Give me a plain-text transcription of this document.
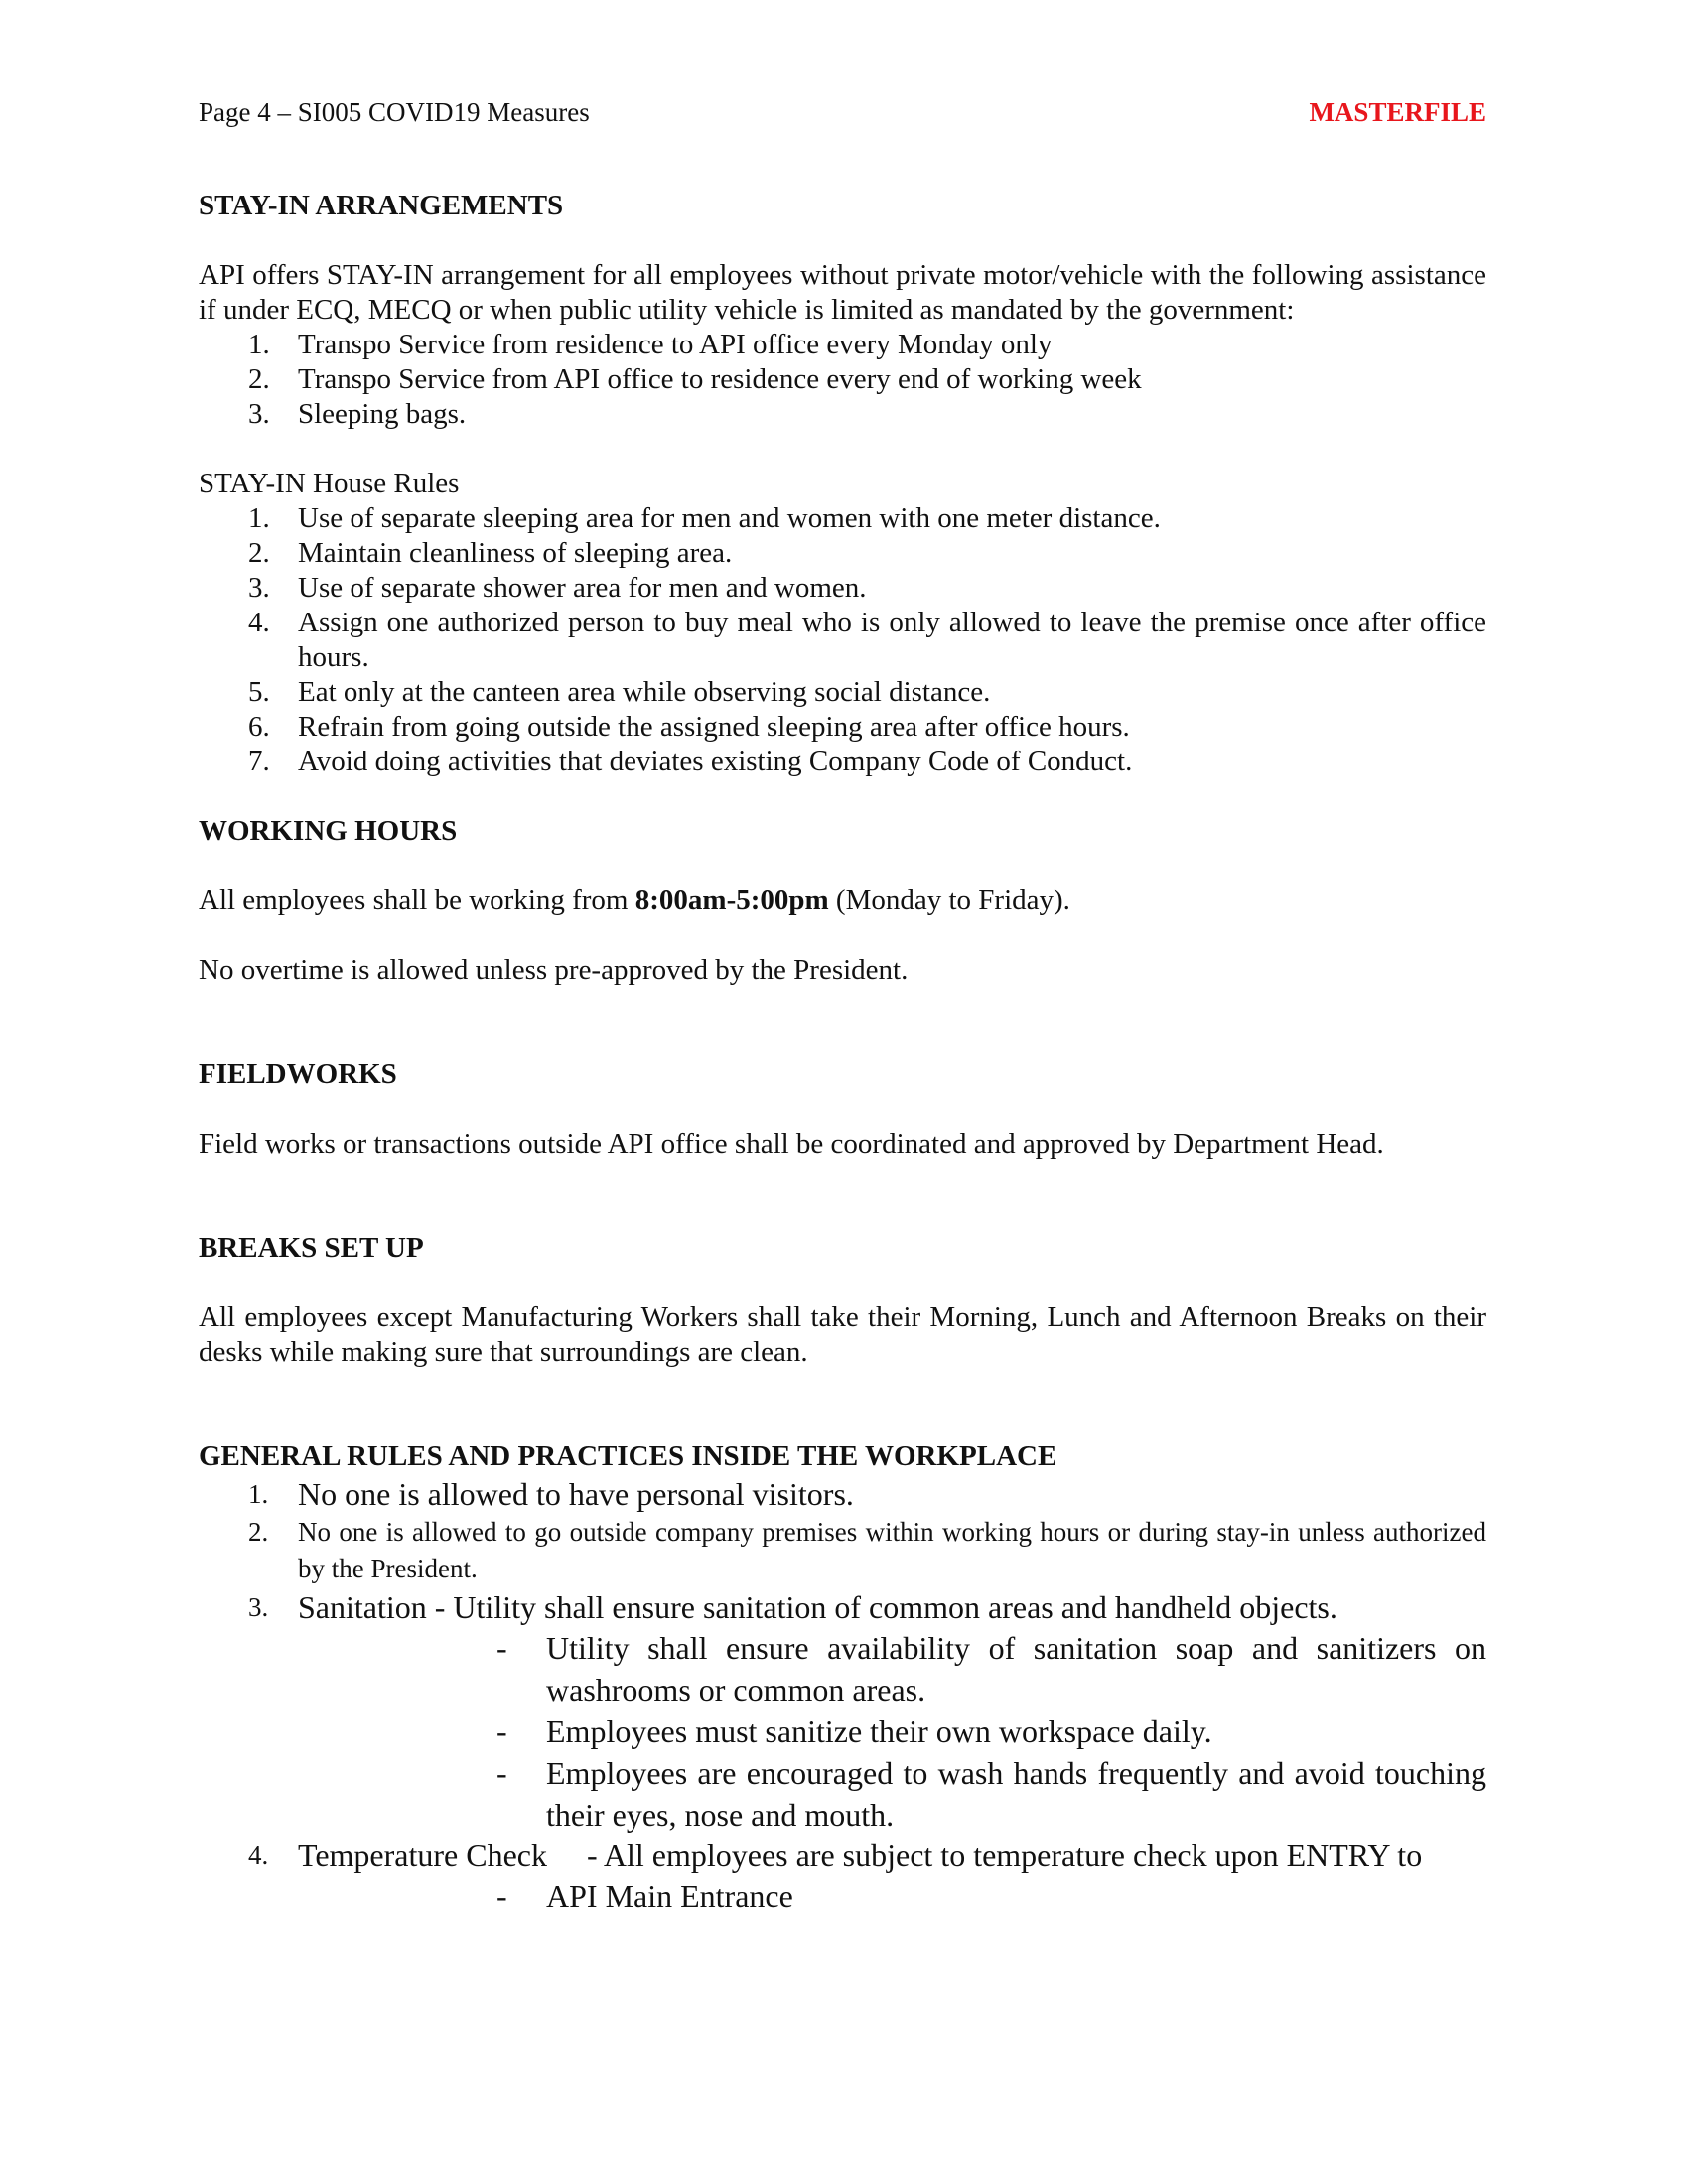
Page 4 – SI005 COVID19 Measures	MASTERFILE
STAY-IN ARRANGEMENTS

API offers STAY-IN arrangement for all employees without private motor/vehicle with the following assistance if under ECQ, MECQ or when public utility vehicle is limited as mandated by the government:

1. Transpo Service from residence to API office every Monday only
2. Transpo Service from API office to residence every end of working week
3. Sleeping bags.

STAY-IN House Rules

1. Use of separate sleeping area for men and women with one meter distance.
2. Maintain cleanliness of sleeping area.
3. Use of separate shower area for men and women.
4. Assign one authorized person to buy meal who is only allowed to leave the premise once after office hours.
5. Eat only at the canteen area while observing social distance.
6. Refrain from going outside the assigned sleeping area after office hours.
7. Avoid doing activities that deviates existing Company Code of Conduct.
WORKING HOURS

All employees shall be working from 8:00am-5:00pm (Monday to Friday).

No overtime is allowed unless pre-approved by the President.

FIELDWORKS

Field works or transactions outside API office shall be coordinated and approved by Department Head.

BREAKS SET UP

All employees except Manufacturing Workers shall take their Morning, Lunch and Afternoon Breaks on their desks while making sure that surroundings are clean.

GENERAL RULES AND PRACTICES INSIDE THE WORKPLACE
1. No one is allowed to have personal visitors.
2.	No one is allowed to go outside company premises within working hours or during stay-in unless authorized by the President.
3. Sanitation - Utility shall ensure sanitation of common areas and handheld objects.
- Utility shall ensure availability of sanitation soap and sanitizers on washrooms or common areas.
- Employees must sanitize their own workspace daily.
- Employees are encouraged to wash hands frequently and avoid touching their eyes, nose and mouth.
4. Temperature Check     - All employees are subject to temperature check upon ENTRY to
- API Main Entrance
